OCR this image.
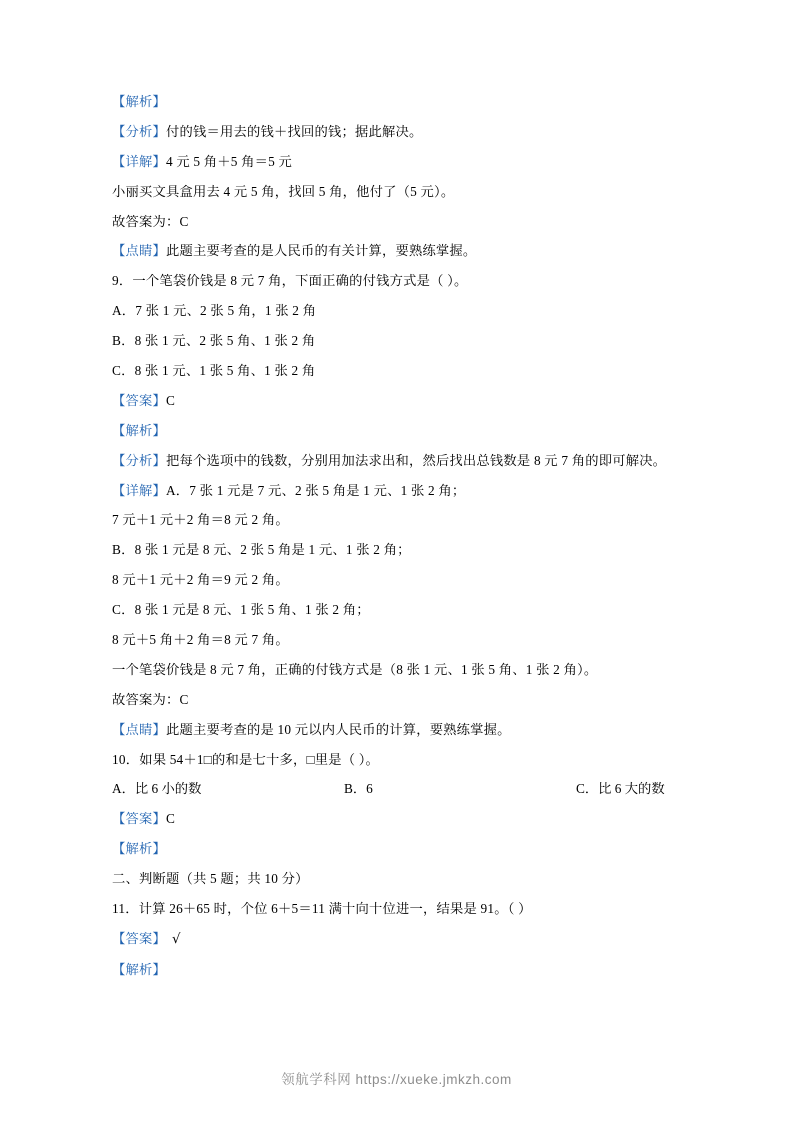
【解析】
【分析】付的钱＝用去的钱＋找回的钱；据此解决。
【详解】4 元 5 角＋5 角＝5 元
小丽买文具盒用去 4 元 5 角，找回 5 角，他付了（5 元）。
故答案为：C
【点睛】此题主要考查的是人民币的有关计算，要熟练掌握。
9．一个笔袋价钱是 8 元 7 角，下面正确的付钱方式是（ ）。
A．7 张 1 元、2 张 5 角，1 张 2 角
B．8 张 1 元、2 张 5 角、1 张 2 角
C．8 张 1 元、1 张 5 角、1 张 2 角
【答案】C
【解析】
【分析】把每个选项中的钱数，分别用加法求出和，然后找出总钱数是 8 元 7 角的即可解决。
【详解】A．7 张 1 元是 7 元、2 张 5 角是 1 元、1 张 2 角；
7 元＋1 元＋2 角＝8 元 2 角。
B．8 张 1 元是 8 元、2 张 5 角是 1 元、1 张 2 角；
8 元＋1 元＋2 角＝9 元 2 角。
C．8 张 1 元是 8 元、1 张 5 角、1 张 2 角；
8 元＋5 角＋2 角＝8 元 7 角。
一个笔袋价钱是 8 元 7 角，正确的付钱方式是（8 张 1 元、1 张 5 角、1 张 2 角）。
故答案为：C
【点睛】此题主要考查的是 10 元以内人民币的计算，要熟练掌握。
10．如果 54＋1□的和是七十多，□里是（ ）。
A．比 6 小的数	B．6	C．比 6 大的数
【答案】C
【解析】
二、判断题（共 5 题；共 10 分）
11．计算 26＋65 时，个位 6＋5＝11 满十向十位进一，结果是 91。（ ）
【答案】 √
【解析】
领航学科网 https://xueke.jmkzh.com
